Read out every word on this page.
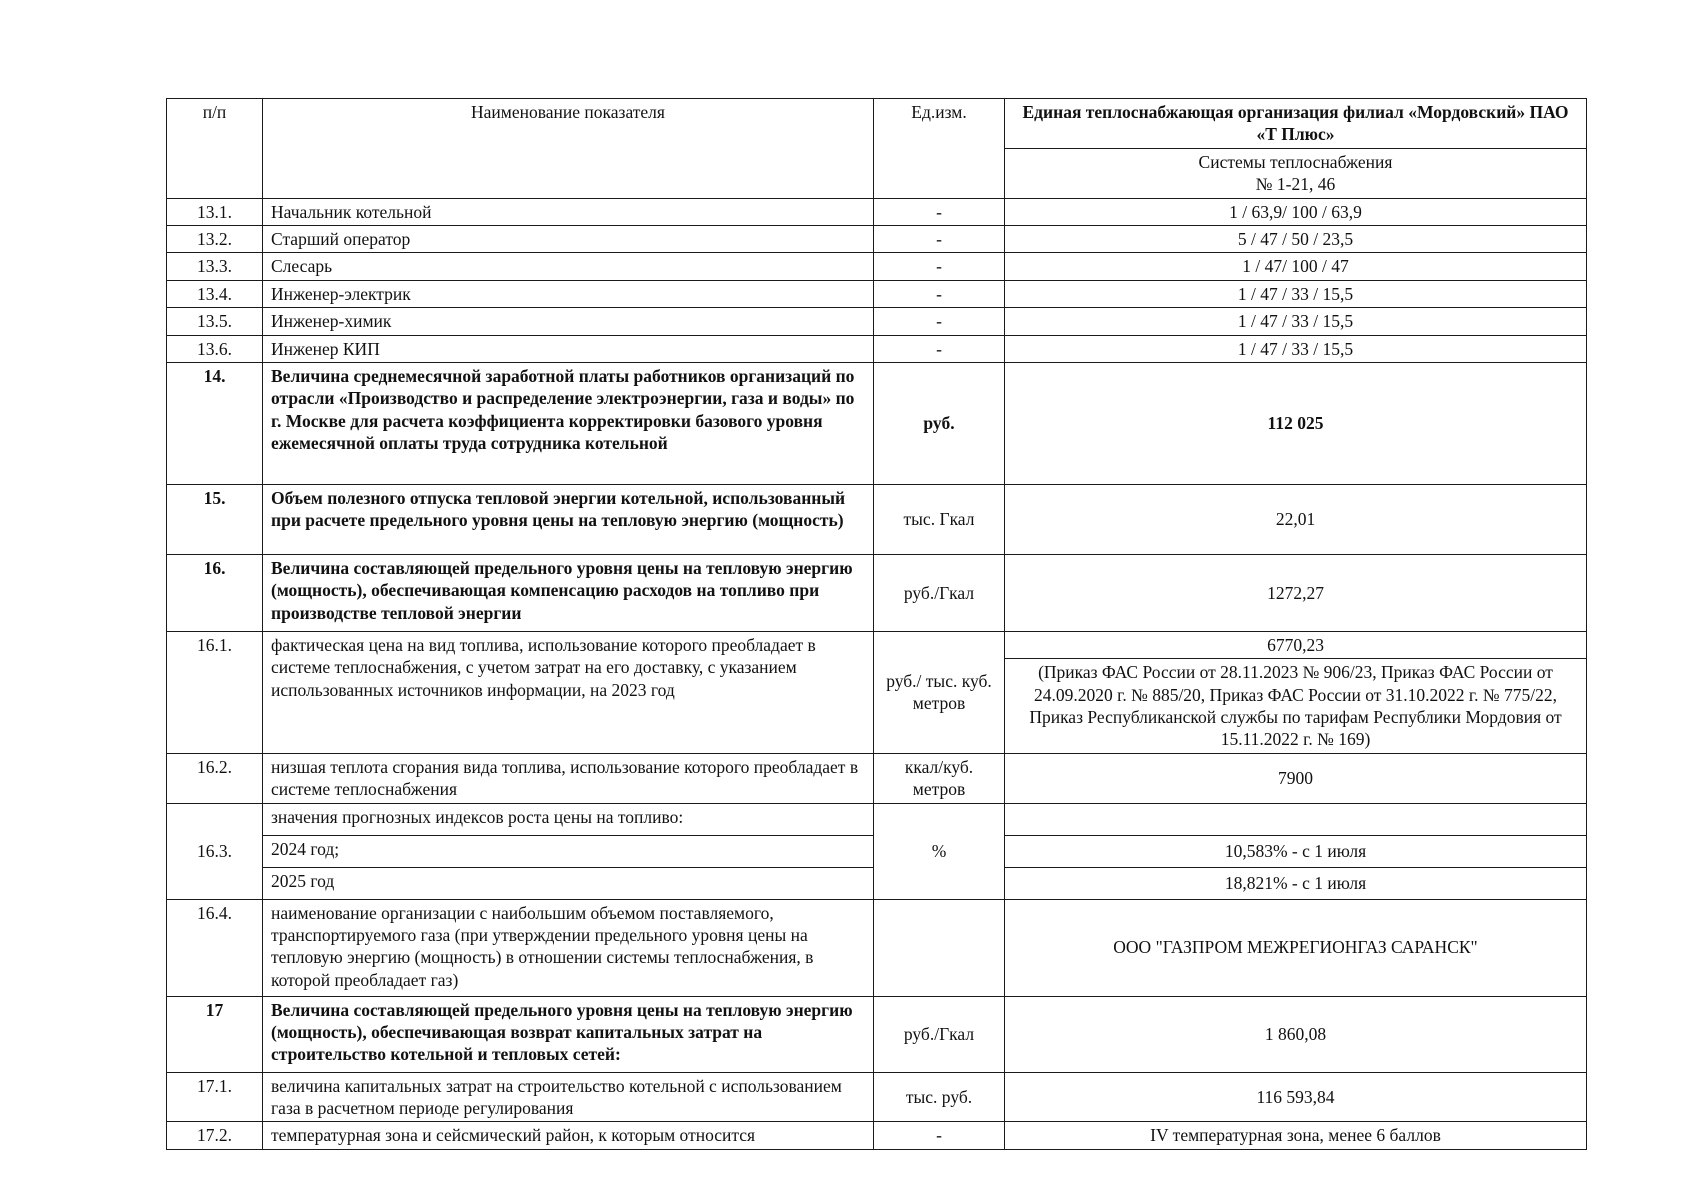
п/п	Наименование показателя	Ед.изм.	Единая теплоснабжающая организация филиал «Мордовский» ПАО «Т Плюс»

			Системы теплоснабжения
№ 1-21, 46

13.1.	Начальник котельной	-	1 / 63,9/ 100 / 63,9
13.2.	Старший оператор	-	5 / 47 / 50 / 23,5
13.3.	Слесарь	-	1 / 47/ 100 / 47
13.4.	Инженер-электрик	-	1 / 47 / 33 / 15,5
13.5.	Инженер-химик	-	1 / 47 / 33 / 15,5
13.6.	Инженер КИП	-	1 / 47 / 33 / 15,5
14.	Величина среднемесячной заработной платы работников организаций по отрасли «Производство и распределение электроэнергии, газа и воды» по г. Москве для расчета коэффициента корректировки базового уровня ежемесячной оплаты труда сотрудника котельной	руб.	112 025
15.	Объем полезного отпуска тепловой энергии котельной, использованный при расчете предельного уровня цены на тепловую энергию (мощность)	тыс. Гкал	22,01
16.	Величина составляющей предельного уровня цены на тепловую энергию (мощность), обеспечивающая компенсацию расходов на топливо при производстве тепловой энергии	руб./Гкал	1272,27
16.1.	фактическая цена на вид топлива, использование которого преобладает в системе теплоснабжения, с учетом затрат на его доставку, с указанием использованных источников информации, на 2023 год	руб./ тыс. куб. метров	6770,23
			(Приказ ФАС России от 28.11.2023 № 906/23, Приказ ФАС России от 24.09.2020 г. № 885/20, Приказ ФАС России от 31.10.2022 г. № 775/22, Приказ Республиканской службы по тарифам Республики Мордовия от 15.11.2022 г. № 169)
16.2.	низшая теплота сгорания вида топлива, использование которого преобладает в системе теплоснабжения	ккал/куб. метров	7900
16.3.	значения прогнозных индексов роста цены на топливо:	%	
	2024 год;		10,583% - с 1 июля
	2025 год		18,821% - с 1 июля
16.4.	наименование организации с наибольшим объемом поставляемого, транспортируемого газа (при утверждении предельного уровня цены на тепловую энергию (мощность) в отношении системы теплоснабжения, в которой преобладает газ)		ООО "ГАЗПРОМ МЕЖРЕГИОНГАЗ САРАНСК"
17	Величина составляющей предельного уровня цены на тепловую энергию (мощность), обеспечивающая возврат капитальных затрат на строительство котельной и тепловых сетей:	руб./Гкал	1 860,08
17.1.	величина капитальных затрат на строительство котельной с использованием газа в расчетном периоде регулирования	тыс. руб.	116 593,84
17.2.	температурная зона и сейсмический район, к которым относится	-	IV температурная зона, менее 6 баллов
